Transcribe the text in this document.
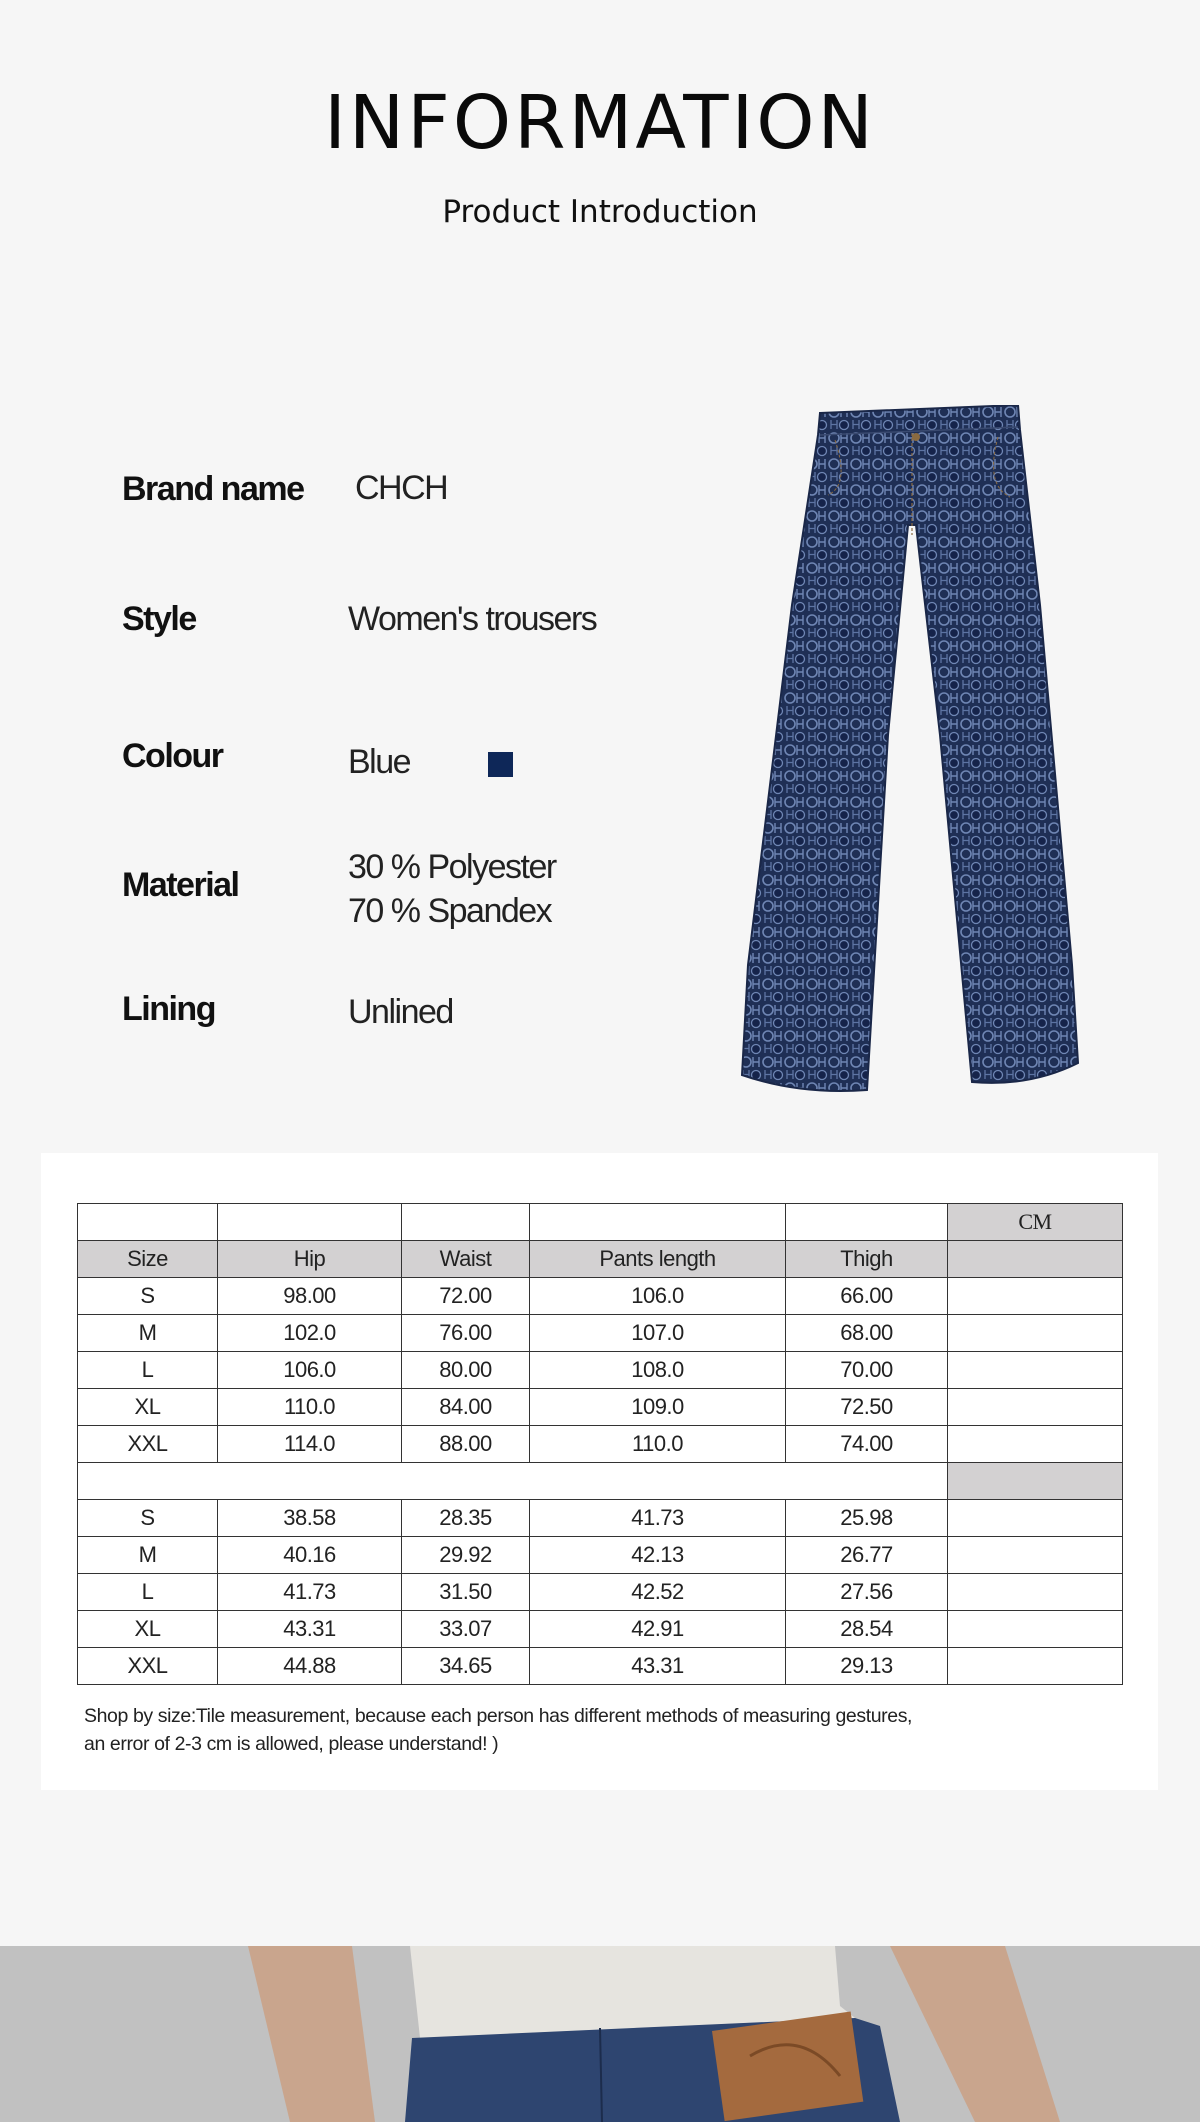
INFORMATION
Product Introduction
Brand name CHCH
Style	Women's trousers
Colour	Blue
Material	30 % Polyester
70 % Spandex
Lining	Unlined
					CM
Size	Hip	Waist	Pants length	Thigh	
S	98.00	72.00	106.0	66.00	
M	102.0	76.00	107.0	68.00	
L	106.0	80.00	108.0	70.00	
XL	110.0	84.00	109.0	72.50	
XXL	114.0	88.00	110.0	74.00	

S	38.58	28.35	41.73	25.98	
M	40.16	29.92	42.13	26.77	
L	41.73	31.50	42.52	27.56	
XL	43.31	33.07	42.91	28.54	
XXL	44.88	34.65	43.31	29.13	
Shop by size:Tile measurement, because each person has different methods of measuring gestures,
an error of 2-3 cm is allowed, please understand! )
